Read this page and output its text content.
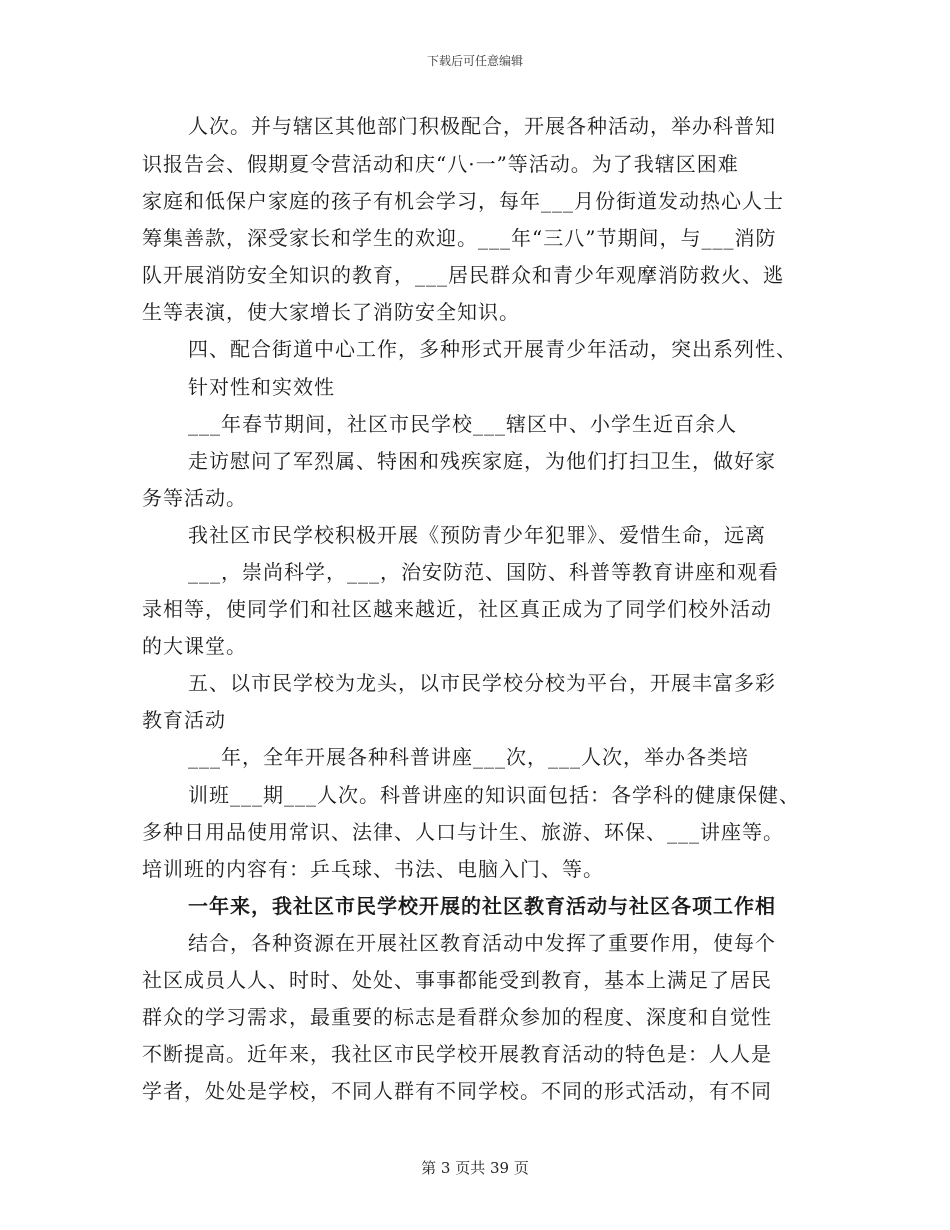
下载后可任意编辑
人次。并与辖区其他部门积极配合，开展各种活动，举办科普知
识报告会、假期夏令营活动和庆“八·一”等活动。为了我辖区困难
家庭和低保户家庭的孩子有机会学习，每年___月份街道发动热心人士
筹集善款，深受家长和学生的欢迎。___年“三八”节期间，与___消防
队开展消防安全知识的教育，___居民群众和青少年观摩消防救火、逃
生等表演，使大家增长了消防安全知识。
四、配合街道中心工作，多种形式开展青少年活动，突出系列性、
针对性和实效性
___年春节期间，社区市民学校___辖区中、小学生近百余人
走访慰问了军烈属、特困和残疾家庭，为他们打扫卫生，做好家
务等活动。
我社区市民学校积极开展《预防青少年犯罪》、爱惜生命，远离
___，崇尚科学，___，治安防范、国防、科普等教育讲座和观看
录相等，使同学们和社区越来越近，社区真正成为了同学们校外活动
的大课堂。
五、以市民学校为龙头，以市民学校分校为平台，开展丰富多彩
教育活动
___年，全年开展各种科普讲座___次，___人次，举办各类培
训班___期___人次。科普讲座的知识面包括：各学科的健康保健、
多种日用品使用常识、法律、人口与计生、旅游、环保、___讲座等。
培训班的内容有：乒乓球、书法、电脑入门、等。
一年来，我社区市民学校开展的社区教育活动与社区各项工作相
结合，各种资源在开展社区教育活动中发挥了重要作用，使每个
社区成员人人、时时、处处、事事都能受到教育，基本上满足了居民
群众的学习需求，最重要的标志是看群众参加的程度、深度和自觉性
不断提高。近年来，我社区市民学校开展教育活动的特色是：人人是
学者，处处是学校，不同人群有不同学校。不同的形式活动，有不同
第 3 页共 39 页
